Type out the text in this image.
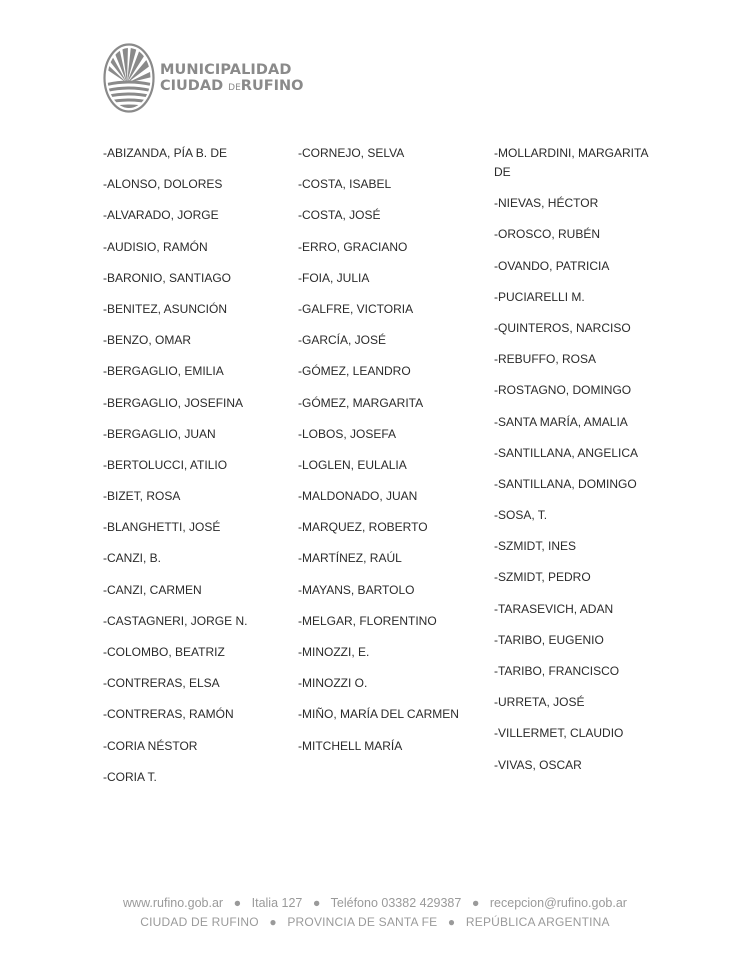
MUNICIPALIDAD
CIUDAD DERUFINO
-ABIZANDA, PÍA B. DE
-ALONSO, DOLORES
-ALVARADO, JORGE
-AUDISIO, RAMÓN
-BARONIO, SANTIAGO
-BENITEZ, ASUNCIÓN
-BENZO, OMAR
-BERGAGLIO, EMILIA
-BERGAGLIO, JOSEFINA
-BERGAGLIO, JUAN
-BERTOLUCCI, ATILIO
-BIZET, ROSA
-BLANGHETTI, JOSÉ
-CANZI, B.
-CANZI, CARMEN
-CASTAGNERI, JORGE N.
-COLOMBO, BEATRIZ
-CONTRERAS, ELSA
-CONTRERAS, RAMÓN
-CORIA NÉSTOR
-CORIA T.
-CORNEJO, SELVA
-COSTA, ISABEL
-COSTA, JOSÉ
-ERRO, GRACIANO
-FOIA, JULIA
-GALFRE, VICTORIA
-GARCÍA, JOSÉ
-GÓMEZ, LEANDRO
-GÓMEZ, MARGARITA
-LOBOS, JOSEFA
-LOGLEN, EULALIA
-MALDONADO, JUAN
-MARQUEZ, ROBERTO
-MARTÍNEZ, RAÚL
-MAYANS, BARTOLO
-MELGAR, FLORENTINO
-MINOZZI, E.
-MINOZZI O.
-MIÑO, MARÍA DEL CARMEN
-MITCHELL MARÍA
-MOLLARDINI, MARGARITA DE
-NIEVAS, HÉCTOR
-OROSCO, RUBÉN
-OVANDO, PATRICIA
-PUCIARELLI M.
-QUINTEROS, NARCISO
-REBUFFO, ROSA
-ROSTAGNO, DOMINGO
-SANTA MARÍA, AMALIA
-SANTILLANA, ANGELICA
-SANTILLANA, DOMINGO
-SOSA, T.
-SZMIDT, INES
-SZMIDT, PEDRO
-TARASEVICH, ADAN
-TARIBO, EUGENIO
-TARIBO, FRANCISCO
-URRETA, JOSÉ
-VILLERMET, CLAUDIO
-VIVAS, OSCAR
www.rufino.gob.ar ● Italia 127 ● Teléfono 03382 429387 ● recepcion@rufino.gob.ar
CIUDAD DE RUFINO ● PROVINCIA DE SANTA FE ● REPÚBLICA ARGENTINA
